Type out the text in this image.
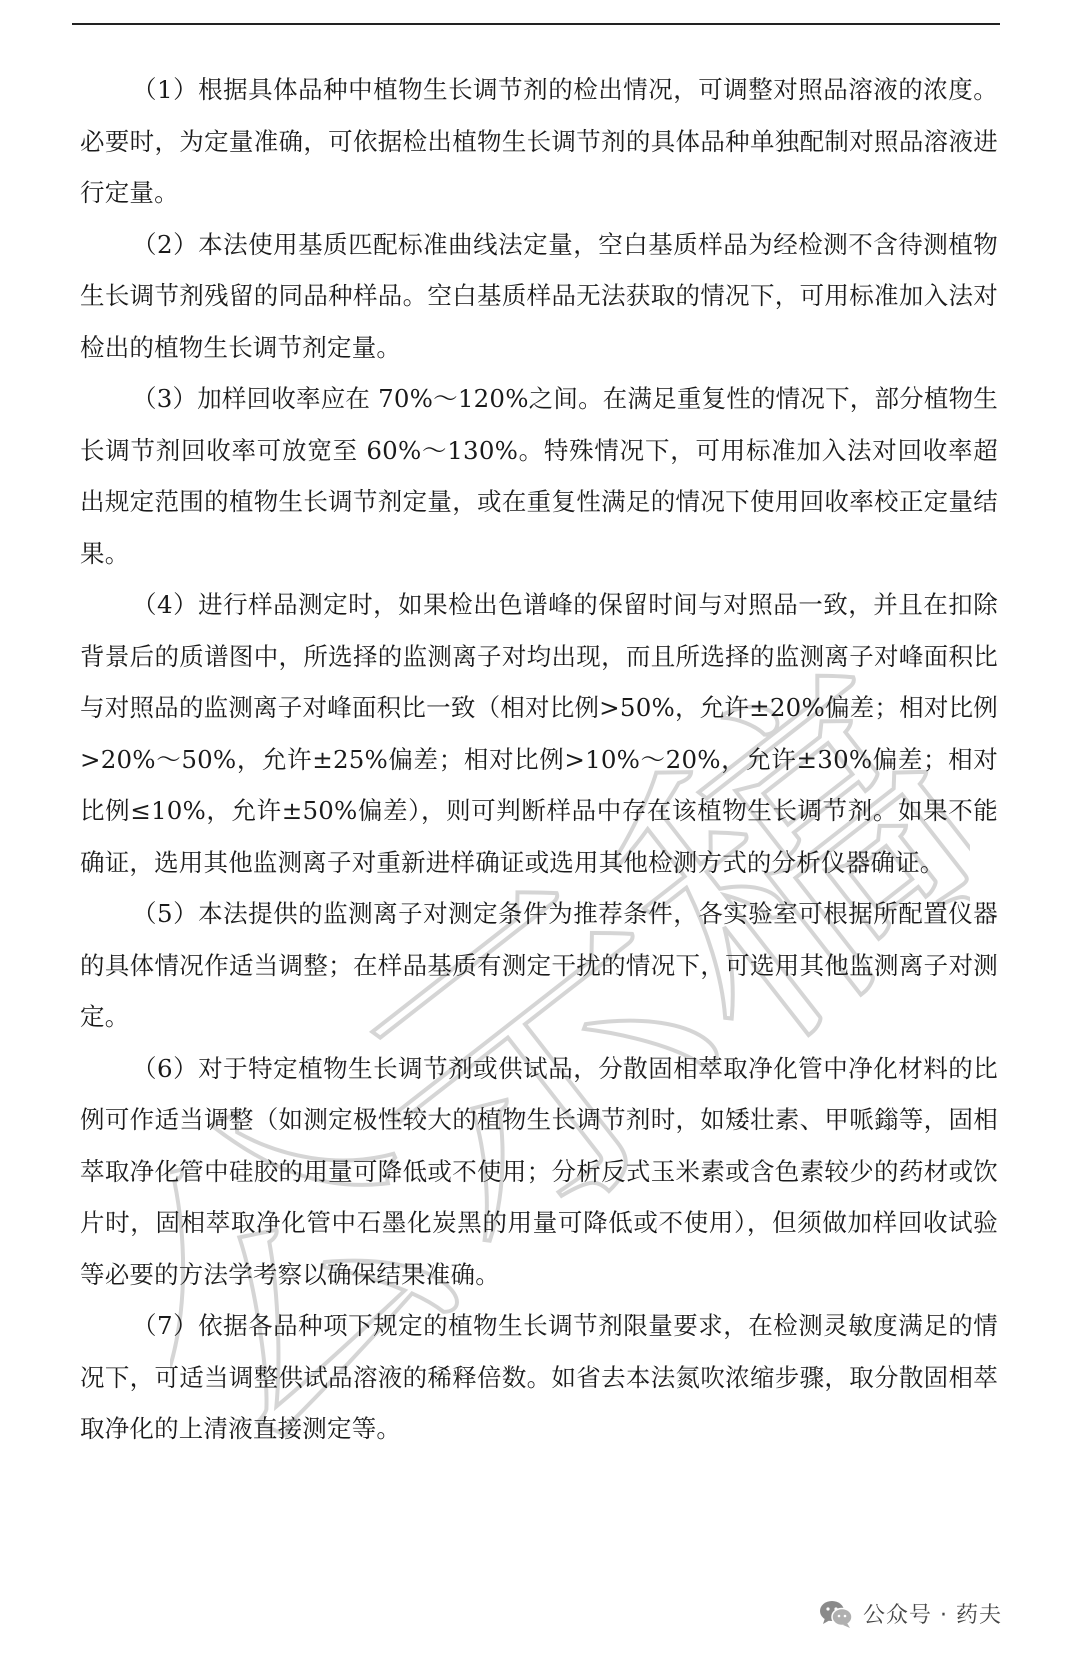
公示稿

（1）根据具体品种中植物生长调节剂的检出情况，可调整对照品溶液的浓度。必要时，为定量准确，可依据检出植物生长调节剂的具体品种单独配制对照品溶液进行定量。

（2）本法使用基质匹配标准曲线法定量，空白基质样品为经检测不含待测植物生长调节剂残留的同品种样品。空白基质样品无法获取的情况下，可用标准加入法对检出的植物生长调节剂定量。

（3）加样回收率应在 70%～120%之间。在满足重复性的情况下，部分植物生长调节剂回收率可放宽至 60%～130%。特殊情况下，可用标准加入法对回收率超出规定范围的植物生长调节剂定量，或在重复性满足的情况下使用回收率校正定量结果。

（4）进行样品测定时，如果检出色谱峰的保留时间与对照品一致，并且在扣除背景后的质谱图中，所选择的监测离子对均出现，而且所选择的监测离子对峰面积比与对照品的监测离子对峰面积比一致（相对比例>50%，允许±20%偏差；相对比例>20%～50%，允许±25%偏差；相对比例>10%～20%，允许±30%偏差；相对比例≤10%，允许±50%偏差），则可判断样品中存在该植物生长调节剂。如果不能确证，选用其他监测离子对重新进样确证或选用其他检测方式的分析仪器确证。

（5）本法提供的监测离子对测定条件为推荐条件，各实验室可根据所配置仪器的具体情况作适当调整；在样品基质有测定干扰的情况下，可选用其他监测离子对测定。

（6）对于特定植物生长调节剂或供试品，分散固相萃取净化管中净化材料的比例可作适当调整（如测定极性较大的植物生长调节剂时，如矮壮素、甲哌鎓等，固相萃取净化管中硅胶的用量可降低或不使用；分析反式玉米素或含色素较少的药材或饮片时，固相萃取净化管中石墨化炭黑的用量可降低或不使用），但须做加样回收试验等必要的方法学考察以确保结果准确。

（7）依据各品种项下规定的植物生长调节剂限量要求，在检测灵敏度满足的情况下，可适当调整供试品溶液的稀释倍数。如省去本法氮吹浓缩步骤，取分散固相萃取净化的上清液直接测定等。

公众号 · 药夫
